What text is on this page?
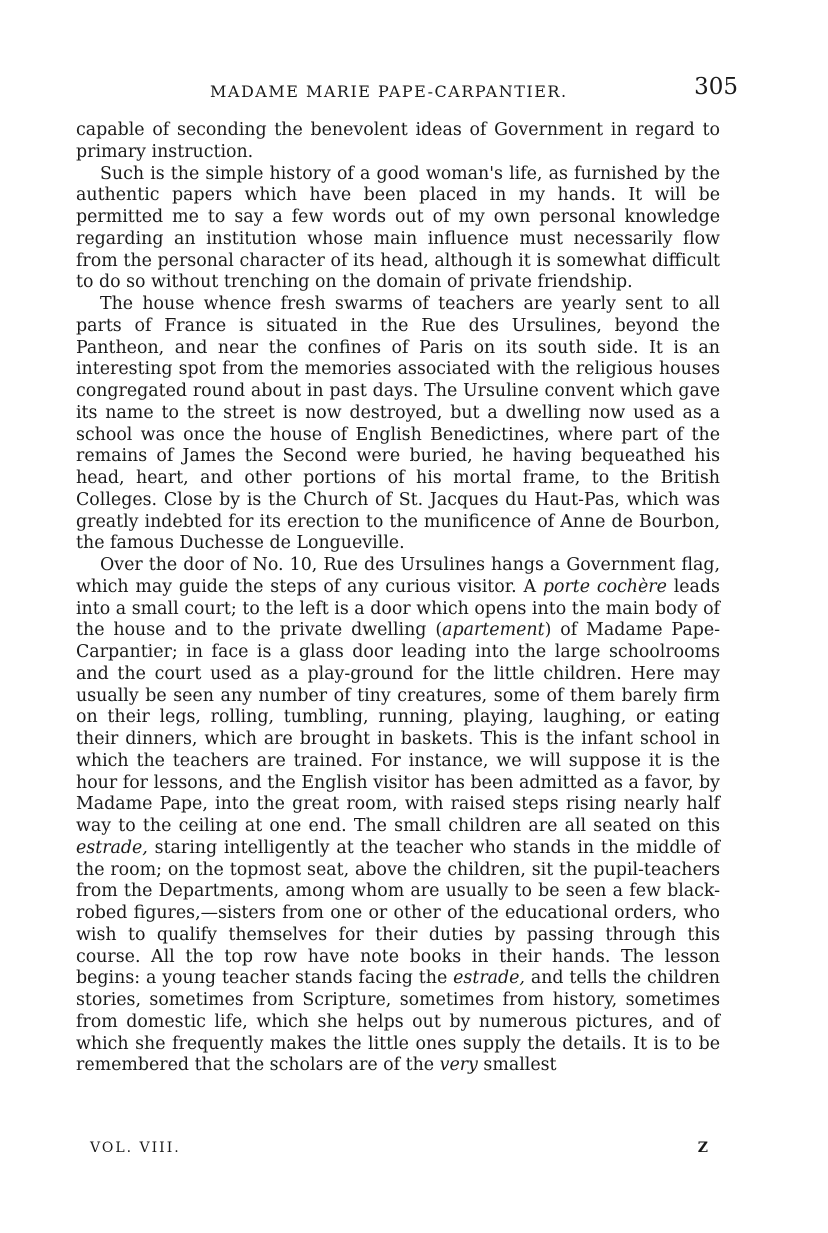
MADAME MARIE PAPE-CARPANTIER.	305

capable of seconding the benevolent ideas of Government in regard to primary instruction.

Such is the simple history of a good woman's life, as furnished by the authentic papers which have been placed in my hands. It will be permitted me to say a few words out of my own personal knowledge regarding an institution whose main influence must necessarily flow from the personal character of its head, although it is somewhat difficult to do so without trenching on the domain of private friendship.

The house whence fresh swarms of teachers are yearly sent to all parts of France is situated in the Rue des Ursulines, beyond the Pantheon, and near the confines of Paris on its south side. It is an interesting spot from the memories associated with the religious houses congregated round about in past days. The Ursuline convent which gave its name to the street is now destroyed, but a dwelling now used as a school was once the house of English Benedictines, where part of the remains of James the Second were buried, he having bequeathed his head, heart, and other portions of his mortal frame, to the British Colleges. Close by is the Church of St. Jacques du Haut-Pas, which was greatly indebted for its erection to the munificence of Anne de Bourbon, the famous Duchesse de Longueville.

Over the door of No. 10, Rue des Ursulines hangs a Government flag, which may guide the steps of any curious visitor. A porte cochère leads into a small court; to the left is a door which opens into the main body of the house and to the private dwelling (apartement) of Madame Pape-Carpantier; in face is a glass door leading into the large schoolrooms and the court used as a play-ground for the little children. Here may usually be seen any number of tiny creatures, some of them barely firm on their legs, rolling, tumbling, running, playing, laughing, or eating their dinners, which are brought in baskets. This is the infant school in which the teachers are trained. For instance, we will suppose it is the hour for lessons, and the English visitor has been admitted as a favor, by Madame Pape, into the great room, with raised steps rising nearly half way to the ceiling at one end. The small children are all seated on this estrade, staring intelligently at the teacher who stands in the middle of the room; on the topmost seat, above the children, sit the pupil-teachers from the Departments, among whom are usually to be seen a few black-robed figures,—sisters from one or other of the educational orders, who wish to qualify themselves for their duties by passing through this course. All the top row have note books in their hands. The lesson begins: a young teacher stands facing the estrade, and tells the children stories, sometimes from Scripture, sometimes from history, sometimes from domestic life, which she helps out by numerous pictures, and of which she frequently makes the little ones supply the details. It is to be remembered that the scholars are of the very smallest

VOL. VIII.	Z
